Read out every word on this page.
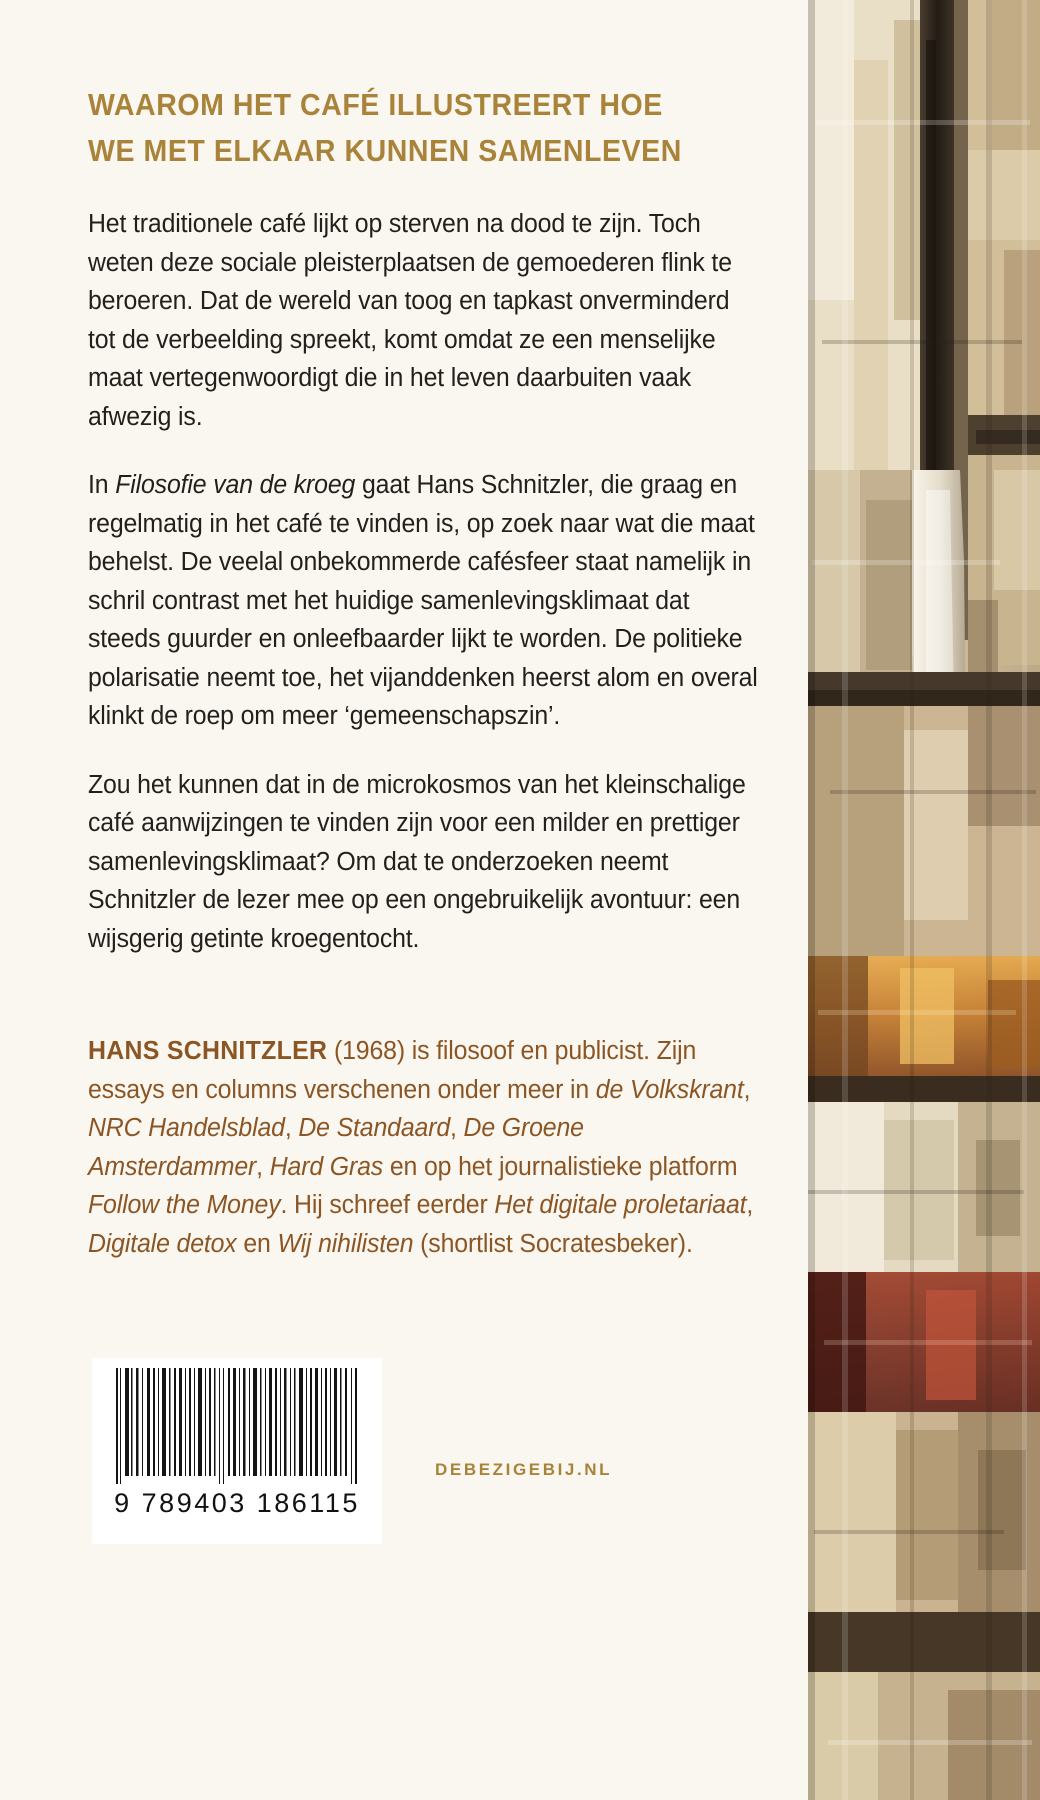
WAAROM HET CAFÉ ILLUSTREERT HOE
WE MET ELKAAR KUNNEN SAMENLEVEN

Het traditionele café lijkt op sterven na dood te zijn. Toch weten deze sociale pleisterplaatsen de gemoederen flink te beroeren. Dat de wereld van toog en tapkast onverminderd tot de verbeelding spreekt, komt omdat ze een menselijke maat vertegenwoordigt die in het leven daarbuiten vaak afwezig is.

In Filosofie van de kroeg gaat Hans Schnitzler, die graag en regelmatig in het café te vinden is, op zoek naar wat die maat behelst. De veelal onbekommerde cafésfeer staat namelijk in schril contrast met het huidige samenlevingsklimaat dat steeds guurder en onleefbaarder lijkt te worden. De politieke polarisatie neemt toe, het vijanddenken heerst alom en overal klinkt de roep om meer ‘gemeenschapszin’.

Zou het kunnen dat in de microkosmos van het kleinschalige café aanwijzingen te vinden zijn voor een milder en prettiger samenlevingsklimaat? Om dat te onderzoeken neemt Schnitzler de lezer mee op een ongebruikelijk avontuur: een wijsgerig getinte kroegentocht.

HANS SCHNITZLER (1968) is filosoof en publicist. Zijn essays en columns verschenen onder meer in de Volkskrant, NRC Handelsblad, De Standaard, De Groene Amsterdammer, Hard Gras en op het journalistieke platform Follow the Money. Hij schreef eerder Het digitale proletariaat, Digitale detox en Wij nihilisten (shortlist Socratesbeker).

9 789403 186115
DEBEZIGEBIJ.NL
